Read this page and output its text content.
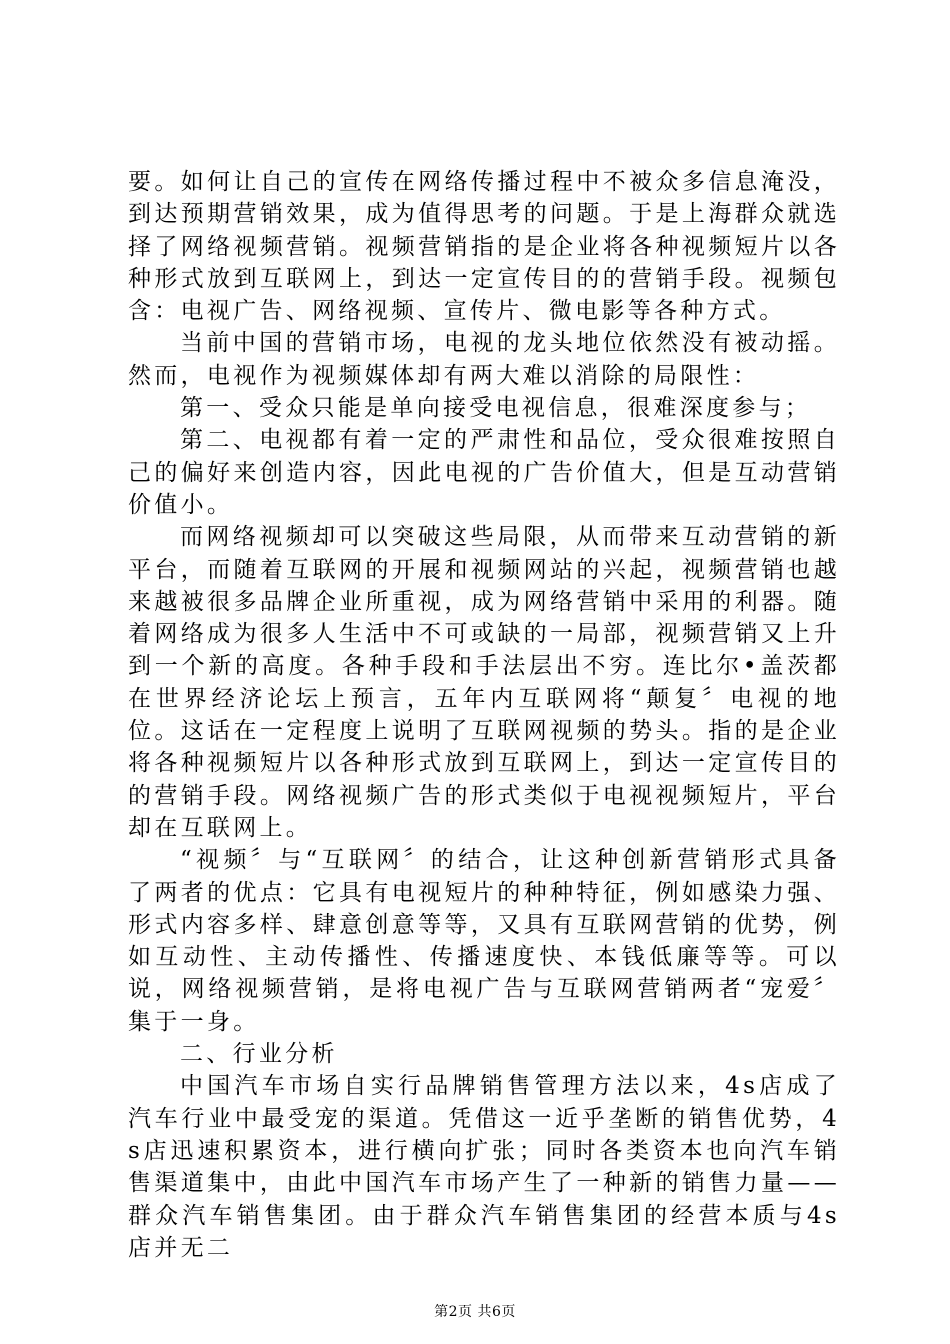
要。如何让自己的宣传在网络传播过程中不被众多信息淹没，到达预期营销效果，成为值得思考的问题。于是上海群众就选择了网络视频营销。视频营销指的是企业将各种视频短片以各种形式放到互联网上，到达一定宣传目的的营销手段。视频包含：电视广告、网络视频、宣传片、微电影等各种方式。

当前中国的营销市场，电视的龙头地位依然没有被动摇。然而，电视作为视频媒体却有两大难以消除的局限性：

第一、受众只能是单向接受电视信息，很难深度参与；

第二、电视都有着一定的严肃性和品位，受众很难按照自己的偏好来创造内容，因此电视的广告价值大，但是互动营销价值小。

而网络视频却可以突破这些局限，从而带来互动营销的新平台，而随着互联网的开展和视频网站的兴起，视频营销也越来越被很多品牌企业所重视，成为网络营销中采用的利器。随着网络成为很多人生活中不可或缺的一局部，视频营销又上升到一个新的高度。各种手段和手法层出不穷。连比尔•盖茨都在世界经济论坛上预言，五年内互联网将“颠复〞电视的地位。这话在一定程度上说明了互联网视频的势头。指的是企业将各种视频短片以各种形式放到互联网上，到达一定宣传目的的营销手段。网络视频广告的形式类似于电视视频短片，平台却在互联网上。

“视频〞与“互联网〞的结合，让这种创新营销形式具备了两者的优点：它具有电视短片的种种特征，例如感染力强、形式内容多样、肆意创意等等，又具有互联网营销的优势，例如互动性、主动传播性、传播速度快、本钱低廉等等。可以说，网络视频营销，是将电视广告与互联网营销两者“宠爱〞集于一身。

二、行业分析

中国汽车市场自实行品牌销售管理方法以来，4s店成了汽车行业中最受宠的渠道。凭借这一近乎垄断的销售优势，4s店迅速积累资本，进行横向扩张；同时各类资本也向汽车销售渠道集中，由此中国汽车市场产生了一种新的销售力量——群众汽车销售集团。由于群众汽车销售集团的经营本质与4s店并无二

第2页 共6页
